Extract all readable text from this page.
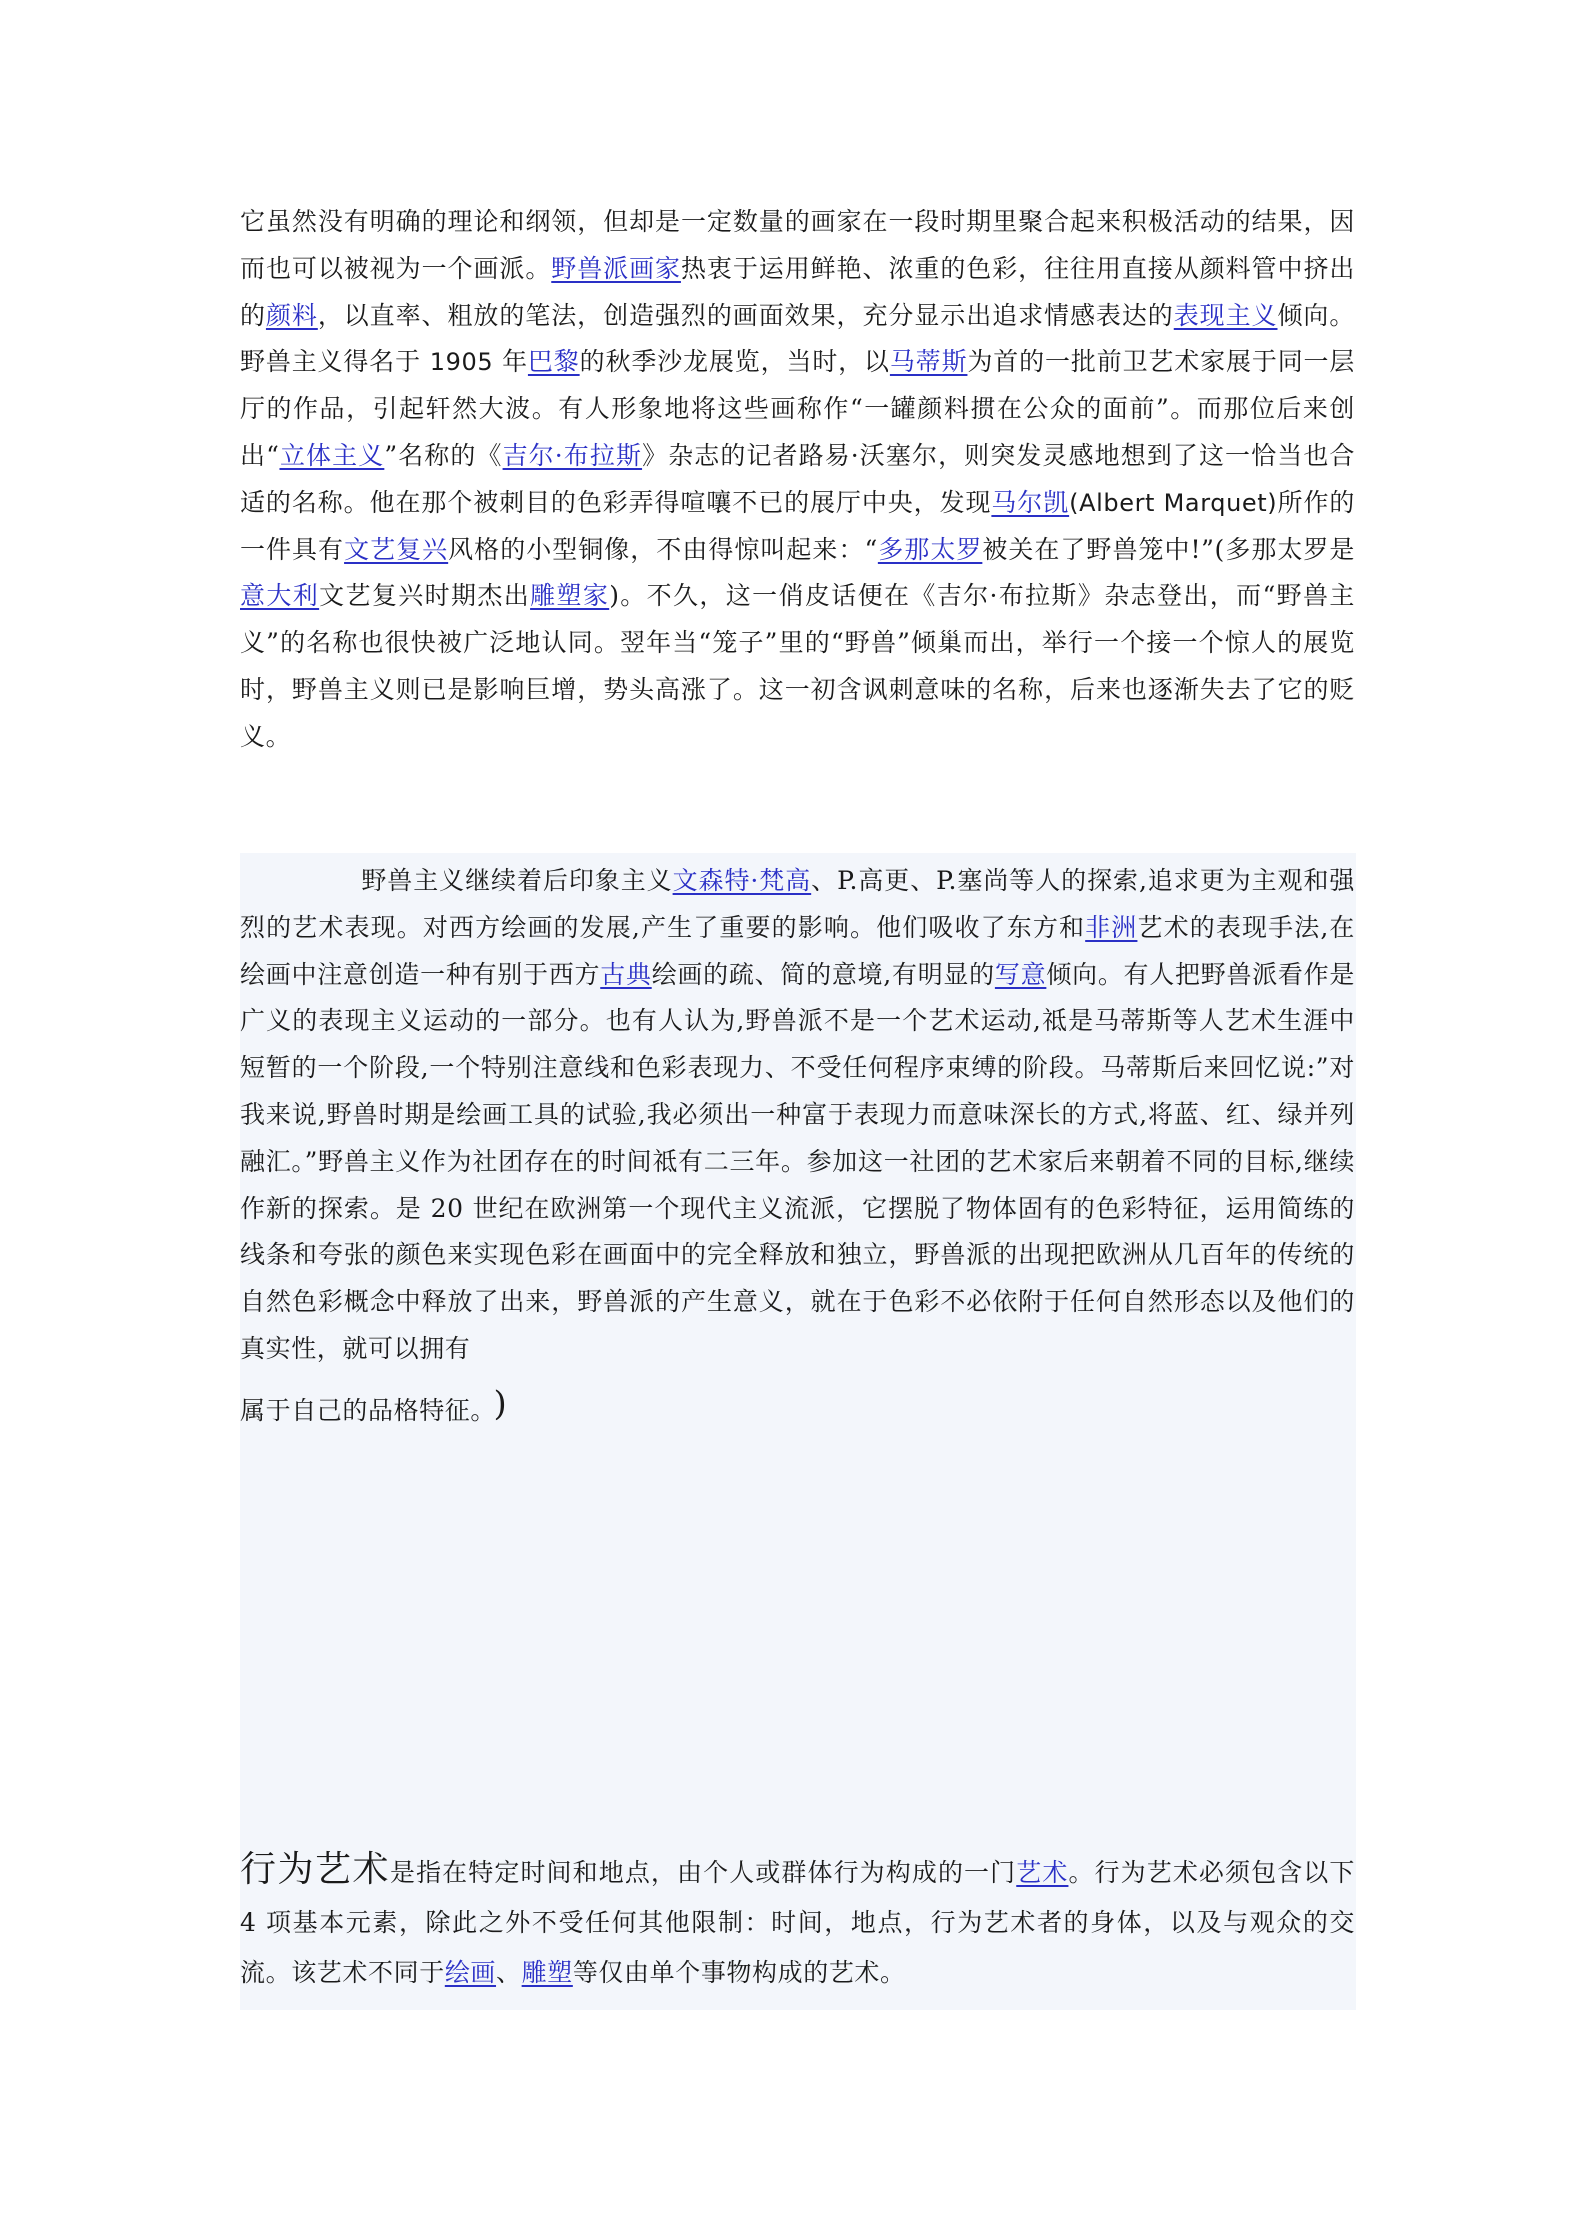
它虽然没有明确的理论和纲领，但却是一定数量的画家在一段时期里聚合起来积极活动的结果，因而也可以被视为一个画派。野兽派画家热衷于运用鲜艳、浓重的色彩，往往用直接从颜料管中挤出的颜料，以直率、粗放的笔法，创造强烈的画面效果，充分显示出追求情感表达的表现主义倾向。野兽主义得名于 1905 年巴黎的秋季沙龙展览，当时，以马蒂斯为首的一批前卫艺术家展于同一层厅的作品，引起轩然大波。有人形象地将这些画称作“一罐颜料掼在公众的面前”。而那位后来创出“立体主义”名称的《吉尔·布拉斯》杂志的记者路易·沃塞尔，则突发灵感地想到了这一恰当也合适的名称。他在那个被刺目的色彩弄得喧嚷不已的展厅中央，发现马尔凯(Albert Marquet)所作的一件具有文艺复兴风格的小型铜像，不由得惊叫起来：“多那太罗被关在了野兽笼中!”(多那太罗是意大利文艺复兴时期杰出雕塑家)。不久，这一俏皮话便在《吉尔·布拉斯》杂志登出，而“野兽主义”的名称也很快被广泛地认同。翌年当“笼子”里的“野兽”倾巢而出，举行一个接一个惊人的展览时，野兽主义则已是影响巨增，势头高涨了。这一初含讽刺意味的名称，后来也逐渐失去了它的贬义。
野兽主义继续着后印象主义文森特·梵高、P.高更、P.塞尚等人的探索,追求更为主观和强烈的艺术表现。对西方绘画的发展,产生了重要的影响。他们吸收了东方和非洲艺术的表现手法,在绘画中注意创造一种有别于西方古典绘画的疏、简的意境,有明显的写意倾向。有人把野兽派看作是广义的表现主义运动的一部分。也有人认为,野兽派不是一个艺术运动,祗是马蒂斯等人艺术生涯中短暂的一个阶段,一个特别注意线和色彩表现力、不受任何程序束缚的阶段。马蒂斯后来回忆说:”对我来说,野兽时期是绘画工具的试验,我必须出一种富于表现力而意味深长的方式,将蓝、红、绿并列融汇。”野兽主义作为社团存在的时间祗有二三年。参加这一社团的艺术家后来朝着不同的目标,继续作新的探索。是 20 世纪在欧洲第一个现代主义流派，它摆脱了物体固有的色彩特征，运用简练的线条和夸张的颜色来实现色彩在画面中的完全释放和独立，野兽派的出现把欧洲从几百年的传统的自然色彩概念中释放了出来，野兽派的产生意义，就在于色彩不必依附于任何自然形态以及他们的真实性，就可以拥有
属于自己的品格特征。 )
行为艺术是指在特定时间和地点，由个人或群体行为构成的一门艺术。行为艺术必须包含以下 4 项基本元素，除此之外不受任何其他限制：时间，地点，行为艺术者的身体，以及与观众的交流。该艺术不同于绘画、雕塑等仅由单个事物构成的艺术。
